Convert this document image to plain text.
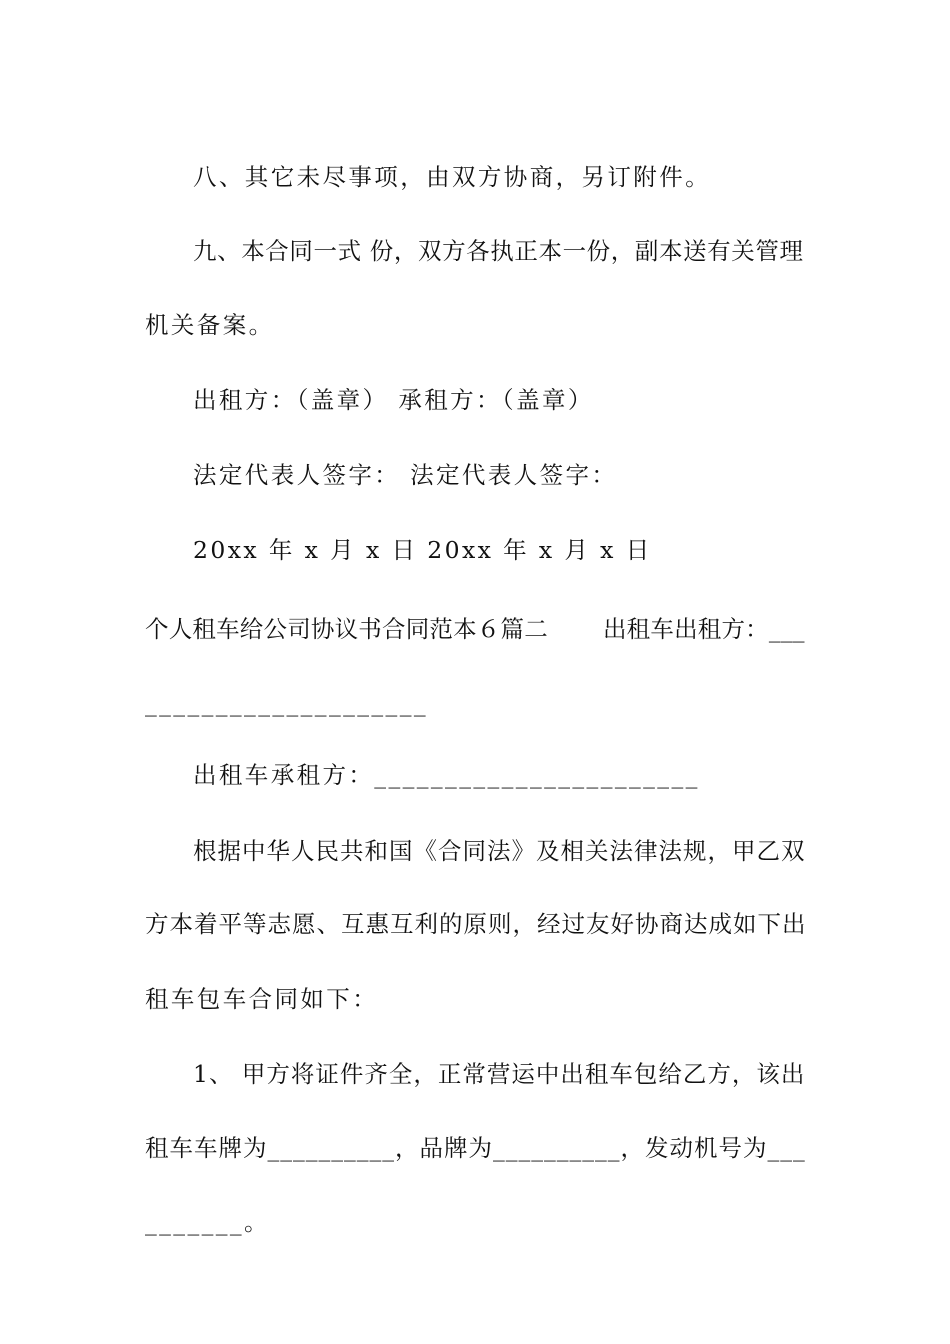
八、其它未尽事项，由双方协商，另订附件。

九、本合同一式 份，双方各执正本一份，副本送有关管理

机关备案。

出租方：（盖章） 承租方：（盖章）

法定代表人签字： 法定代表人签字：

20xx 年 x 月 x 日 20xx 年 x 月 x 日

个人租车给公司协议书合同范本６篇二　　 出租车出租方：___

____________________

出租车承租方：_______________________

根据中华人民共和国《合同法》及相关法律法规，甲乙双

方本着平等志愿、互惠互利的原则，经过友好协商达成如下出

租车包车合同如下：

1、 甲方将证件齐全，正常营运中出租车包给乙方，该出

租车车牌为__________，品牌为__________，发动机号为___

_______。
